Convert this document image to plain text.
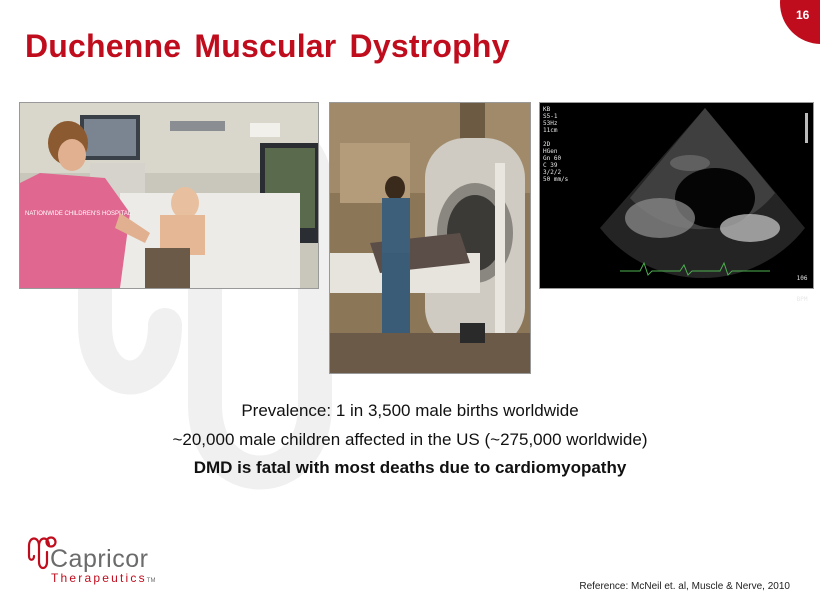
16
Duchenne Muscular Dystrophy
NATIONWIDE CHILDREN'S HOSPITAL
KB
S5-1
53Hz
11cm

2D
HGen
Gn 60
C 39
3/2/2
50 mm/s

106

BPM

Prevalence: 1 in 3,500 male births worldwide
~20,000 male children affected in the US (~275,000 worldwide)
DMD is fatal with most deaths due to cardiomyopathy
Capricor
TherapeuticsTM	Reference: McNeil et. al, Muscle & Nerve, 2010
